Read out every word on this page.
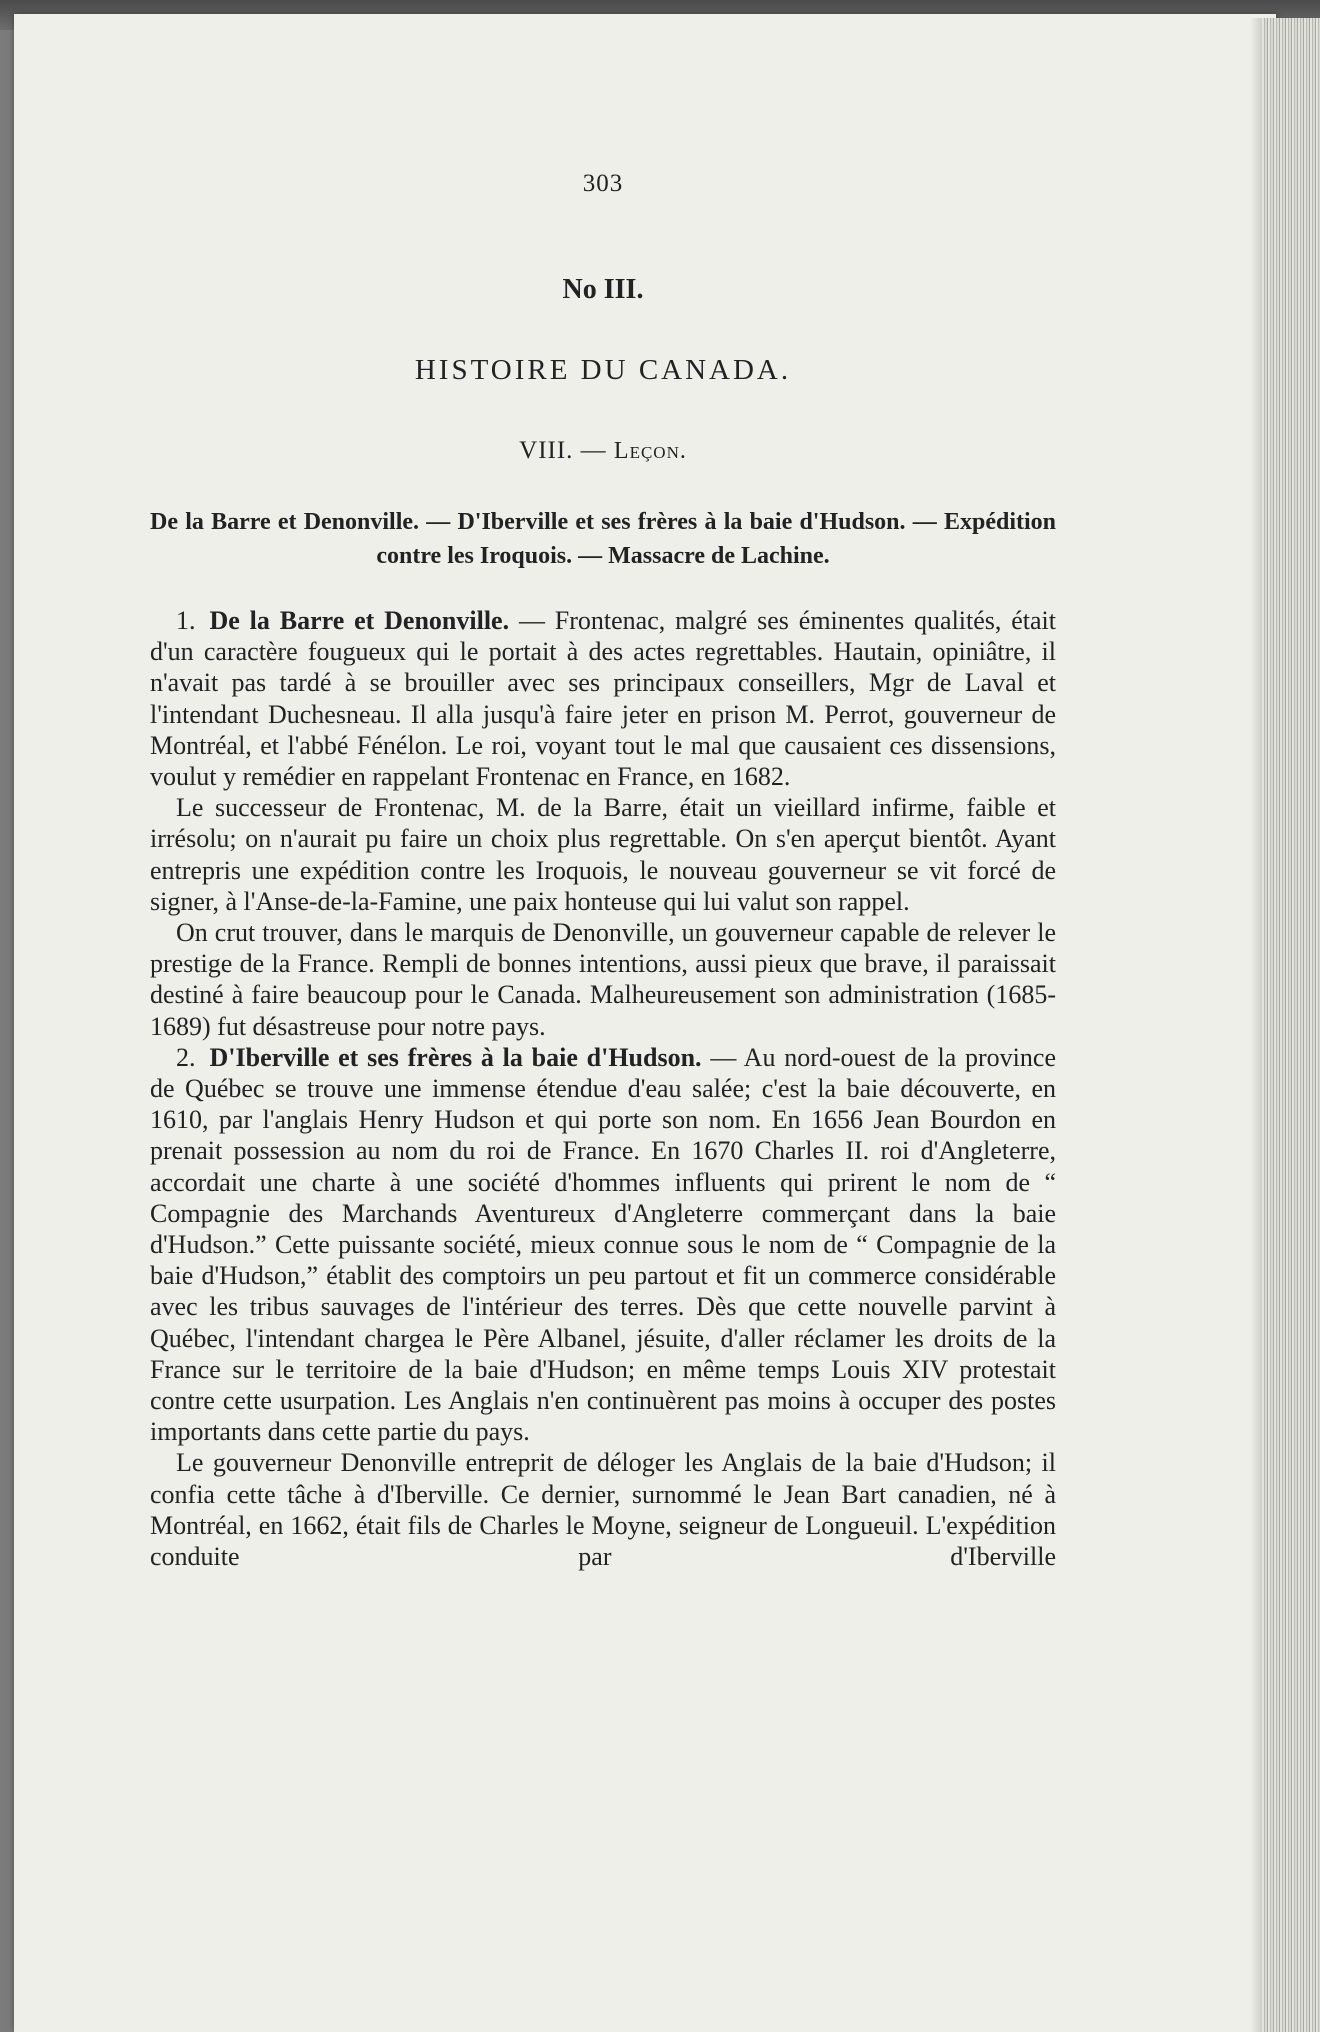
303
No III.
HISTOIRE DU CANADA.
VIII. — Leçon.
De la Barre et Denonville. — D'Iberville et ses frères à la baie d'Hudson. — Expédition contre les Iroquois. — Massacre de Lachine.

1. De la Barre et Denonville. — Frontenac, malgré ses éminentes qualités, était d'un caractère fougueux qui le portait à des actes regrettables. Hautain, opiniâtre, il n'avait pas tardé à se brouiller avec ses principaux conseillers, Mgr de Laval et l'intendant Duchesneau. Il alla jusqu'à faire jeter en prison M. Perrot, gouverneur de Montréal, et l'abbé Fénélon. Le roi, voyant tout le mal que causaient ces dissensions, voulut y remédier en rappelant Frontenac en France, en 1682.

Le successeur de Frontenac, M. de la Barre, était un vieillard infirme, faible et irrésolu; on n'aurait pu faire un choix plus regrettable. On s'en aperçut bientôt. Ayant entrepris une expédition contre les Iroquois, le nouveau gouverneur se vit forcé de signer, à l'Anse-de-la-Famine, une paix honteuse qui lui valut son rappel.

On crut trouver, dans le marquis de Denonville, un gouverneur capable de relever le prestige de la France. Rempli de bonnes intentions, aussi pieux que brave, il paraissait destiné à faire beaucoup pour le Canada. Malheureusement son administration (1685-1689) fut désastreuse pour notre pays.

2. D'Iberville et ses frères à la baie d'Hudson. — Au nord-ouest de la province de Québec se trouve une immense étendue d'eau salée; c'est la baie découverte, en 1610, par l'anglais Henry Hudson et qui porte son nom. En 1656 Jean Bourdon en prenait possession au nom du roi de France. En 1670 Charles II. roi d'Angleterre, accordait une charte à une société d'hommes influents qui prirent le nom de “ Compagnie des Marchands Aventureux d'Angleterre commerçant dans la baie d'Hudson.” Cette puissante société, mieux connue sous le nom de “ Compagnie de la baie d'Hudson,” établit des comptoirs un peu partout et fit un commerce considérable avec les tribus sauvages de l'intérieur des terres. Dès que cette nouvelle parvint à Québec, l'intendant chargea le Père Albanel, jésuite, d'aller réclamer les droits de la France sur le territoire de la baie d'Hudson; en même temps Louis XIV protestait contre cette usurpation. Les Anglais n'en continuèrent pas moins à occuper des postes importants dans cette partie du pays.

Le gouverneur Denonville entreprit de déloger les Anglais de la baie d'Hudson; il confia cette tâche à d'Iberville. Ce dernier, surnommé le Jean Bart canadien, né à Montréal, en 1662, était fils de Charles le Moyne, seigneur de Longueuil. L'expédition conduite par d'Iberville
